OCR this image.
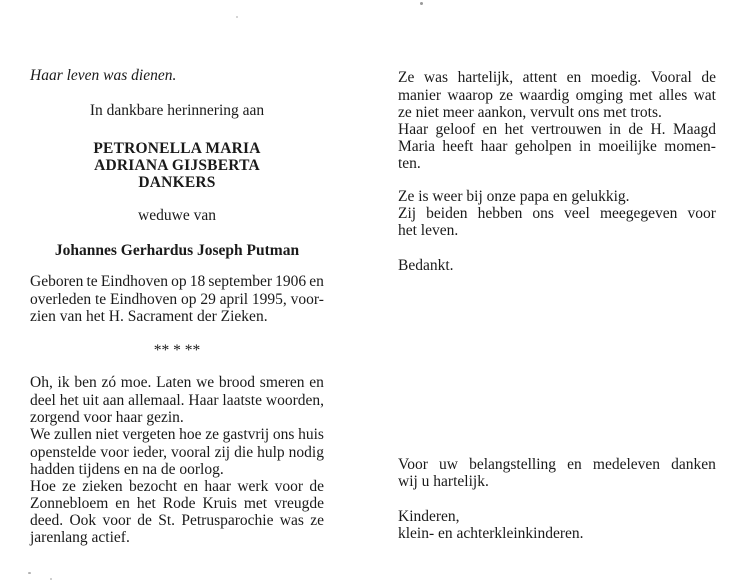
Haar leven was dienen.
In dankbare herinnering aan
PETRONELLA MARIA
ADRIANA GIJSBERTA
DANKERS
weduwe van
Johannes Gerhardus Joseph Putman
Geboren te Eindhoven op 18 september 1906 en
overleden te Eindhoven op 29 april 1995, voor-
zien van het H. Sacrament der Zieken.
** * **
Oh, ik ben zó moe. Laten we brood smeren en
deel het uit aan allemaal. Haar laatste woorden,
zorgend voor haar gezin.
We zullen niet vergeten hoe ze gastvrij ons huis
openstelde voor ieder, vooral zij die hulp nodig
hadden tijdens en na de oorlog.
Hoe ze zieken bezocht en haar werk voor de
Zonnebloem en het Rode Kruis met vreugde
deed. Ook voor de St. Petrusparochie was ze
jarenlang actief.
Ze was hartelijk, attent en moedig. Vooral de
manier waarop ze waardig omging met alles wat
ze niet meer aankon, vervult ons met trots.
Haar geloof en het vertrouwen in de H. Maagd
Maria heeft haar geholpen in moeilijke momen-
ten.
Ze is weer bij onze papa en gelukkig.
Zij beiden hebben ons veel meegegeven voor
het leven.
Bedankt.
Voor uw belangstelling en medeleven danken
wij u hartelijk.
Kinderen,
klein- en achterkleinkinderen.
